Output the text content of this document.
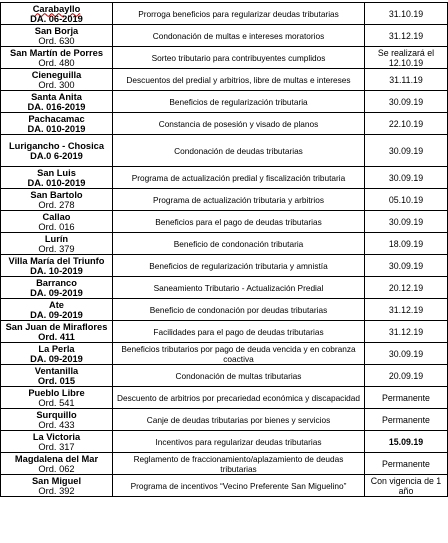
Carabayllo
DA. 06-2019	Prorroga beneficios para regularizar deudas tributarias	31.10.19

San Borja
Ord. 630	Condonación de multas e intereses moratorios	31.12.19

San Martín de Porres
Ord. 480	Sorteo tributario para contribuyentes cumplidos	Se realizará el 12.10.19

Cieneguilla
Ord. 300	Descuentos del predial y arbitrios, libre de multas e intereses	31.11.19

Santa Anita
DA. 016-2019	Beneficios de regularización tributaria	30.09.19

Pachacamac
DA. 010-2019	Constancia de posesión y visado de planos	22.10.19

Lurigancho - Chosica
DA.0 6-2019	Condonación de deudas tributarias	30.09.19

San Luis
DA. 010-2019	Programa de actualización predial y fiscalización tributaria	30.09.19

San Bartolo
Ord. 278	Programa de actualización tributaria y arbitrios	05.10.19

Callao
Ord. 016	Beneficios para el pago de deudas tributarias	30.09.19

Lurín
Ord. 379	Beneficio de condonación tributaria	18.09.19

Villa María del Triunfo
DA. 10-2019	Beneficios de regularización tributaria y amnistía	30.09.19

Barranco
DA. 09-2019	Saneamiento Tributario - Actualización Predial	20.12.19

Ate
DA. 09-2019	Beneficio de condonación por deudas tributarias	31.12.19

San Juan de Miraflores
Ord. 411	Facilidades para el pago de deudas tributarias	31.12.19

La Perla
DA. 09-2019	Beneficios tributarios por pago de deuda vencida y en cobranza coactiva	30.09.19

Ventanilla
Ord. 015	Condonación de multas tributarias	20.09.19

Pueblo Libre
Ord. 541	Descuento de arbitrios por precariedad económica y discapacidad	Permanente

Surquillo
Ord. 433	Canje de deudas tributarias por bienes y servicios	Permanente

La Victoria
Ord. 317	Incentivos para regularizar deudas tributarias	15.09.19

Magdalena del Mar
Ord. 062	Reglamento de fraccionamiento/aplazamiento de deudas tributarias	Permanente

San Miguel
Ord. 392	Programa de incentivos “Vecino Preferente San Miguelino”	Con vigencia de 1 año
